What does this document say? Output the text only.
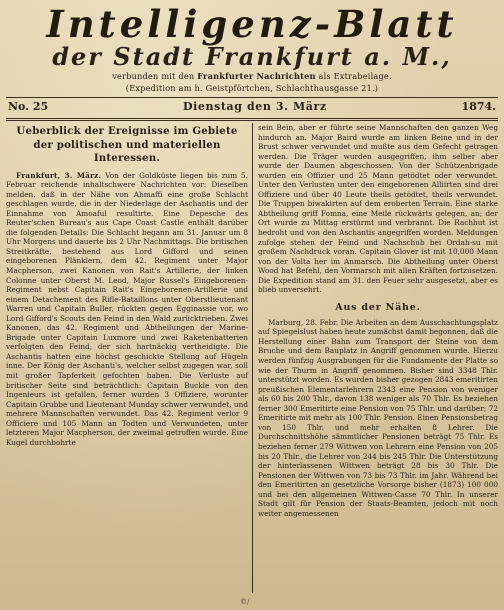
Intelligenz-Blatt
der Stadt Frankfurt a. M.,
verbunden mit den Frankfurter Nachrichten als Extrabeilage.
(Expedition am h. Geistpförtchen, Schlachthausgasse 21.)
No. 25	Dienstag den 3. März	1874.
Ueberblick der Ereignisse im Gebiete der politischen und materiellen Interessen.

Frankfurt, 3. März. Von der Goldküste liegen bis zum 5. Februar reichende inhaltschwere Nachrichten vor: Dieselben melden, daß in der Nähe von Ahmaffi eine große Schlacht geschlagen wurde, die in der Niederlage der Aschantis und der Einnahme von Amoaful resultirte. Eine Depesche des Reuter'schen Bureau's aus Cape Coast Castle enthält darüber die folgenden Details: Die Schlacht begann am 31. Januar um 8 Uhr Morgens und dauerte bis 2 Uhr Nachmittags. Die britischen Streitkräfte, bestehend aus Lord Gifford und seinen eingeborenen Plänklern, dem 42. Regiment unter Major Macpherson, zwei Kanonen von Rait's Artillerie, der linken Colonne unter Oberst M. Leod, Major Russel's Eingeborenen-Regiment nebst Capitain Rait's Eingeborenen-Artillerie und einem Detachement des Rifle-Bataillons unter Oberstlieutenant Warren und Capitain Buller, rückten gegen Egginassie vor, wo Lord Gifford's Scouts den Feind in den Wald zurücktrieben. Zwei Kanonen, das 42. Regiment und Abtheilungen der Marine-Brigade unter Capitain Luxmore und zwei Raketenbatterien verfolgten den Feind, der sich hartnäckig vertheidigte. Die Aschantis hatten eine höchst geschickte Stellung auf Hügeln inne. Der König der Aschanti's, welcher selbst zugegen war, soll mit großer Tapferkeit gefochten haben. Die Verluste auf britischer Seite sind beträchtlich: Capitain Buckle von den Ingenieurs ist gefallen, ferner wurden 3 Offiziere, worunter Capitain Grubbe und Lieutenant Munday schwer verwundet, und mehrere Mannschaften verwundet. Das 42. Regiment verlor 9 Officiere und 105 Mann an Todten und Verwundeten, unter letzteren Major Macpherson, der zweimal getroffen wurde. Eine Kugel durchbohrte

sein Bein, aber er führte seine Mannschaften den ganzen Weg hindurch an. Major Baird wurde am linken Beine und in der Brust schwer verwundet und mußte aus dem Gefecht getragen werden. Die Träger wurden ausgegriffen, ihm selber aber wurde der Daumen abgeschossen. Von der Schützenbrigade wurden ein Offizier und 25 Mann getödtet oder verwundet. Unter den Verlusten unter den eingeborenen Alliirten sind drei Offiziere und über 40 Leute theils getödtet, theils verwundet. Die Truppen biwakirten auf dem eroberten Terrain. Eine starke Abtheilung griff Fomna, eine Meile rückwärts gelegen, an; der Ort wurde zu Mittag erstürmt und verbrannt. Die Rachhut ist bedroht und von den Aschantis angegriffen worden. Meldungen zufolge stehen der Feind und Nachschub bei Ordah-su mit großem Nachdruck voran. Capitain Glover ist mit 10,000 Mann von der Volta her im Anmarsch. Die Abtheilung unter Oberst Wood hat Befehl, den Vormarsch mit allen Kräften fortzusetzen. Die Expedition stand am 31. den Feuer sehr ausgesetzt, aber es blieb unversehrt.

Aus der Nähe.

Marburg, 28. Febr. Die Arbeiten an dem Ausschachtungsplatz auf Spiegelslust haben heute zumächst damit begonnen, daß die Herstellung einer Bahn zum Transport der Steine von dem Bruche und dem Bauplatz in Angriff genommen wurde. Hierzu werden fünfzig Ausgrabungen für die Fundamente der Platte so wie der Thurm in Angriff genommen. Bisher sind 3348 Thlr. unterstützt worden. Es wurden bisher gezogen 2843 emeritirten preußischen Elementarlehrern 2343 eine Pension von weniger als 60 bis 200 Thlr., davon 138 weniger als 70 Thlr. Es beziehen ferner 300 Emeritirte eine Pension von 75 Thlr. und darüber; 72 Emeritirte mit mehr als 100 Thlr. Pension. Einen Pensionsbetrag von 150 Thlr. und mehr erhalten 8 Lehrer. Die Durchschnittshöhe sämmtlicher Pensionen beträgt 75 Thlr. Es beziehen ferner 279 Wittwen von Lehrern eine Pension von 205 bis 20 Thlr., die Lehrer von 244 bis 245 Thlr. Die Unterstützung der hinterlassenen Wittwen beträgt 28 bis 30 Thlr. Die Pensionen der Wittwen von 73 bis 73 Thlr. im Jahr. Während bei den Emeritirten an gesetzliche Vorsorge bisher (1873) 100 000 und bei den allgemeinen Wittwen-Casse 70 Thlr. In unserer Stadt gilt für Pension der Staats-Beamten, jedoch mit noch weiter angemessenen

©/
